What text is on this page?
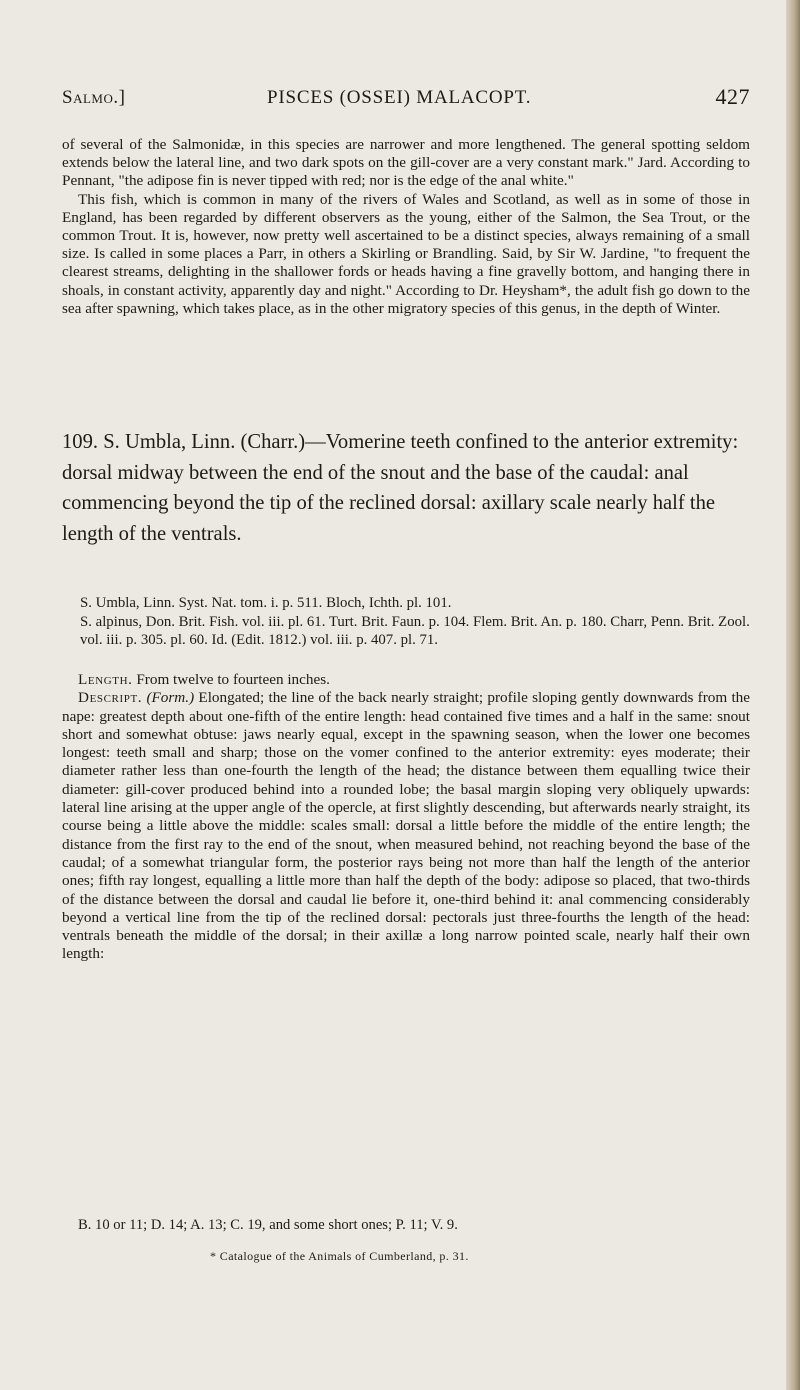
Salmo.]	PISCES (OSSEI) MALACOPT.	427

of several of the Salmonidæ, in this species are narrower and more lengthened. The general spotting seldom extends below the lateral line, and two dark spots on the gill-cover are a very constant mark." Jard. According to Pennant, "the adipose fin is never tipped with red; nor is the edge of the anal white."

This fish, which is common in many of the rivers of Wales and Scotland, as well as in some of those in England, has been regarded by different observers as the young, either of the Salmon, the Sea Trout, or the common Trout. It is, however, now pretty well ascertained to be a distinct species, always remaining of a small size. Is called in some places a Parr, in others a Skirling or Brandling. Said, by Sir W. Jardine, "to frequent the clearest streams, delighting in the shallower fords or heads having a fine gravelly bottom, and hanging there in shoals, in constant activity, apparently day and night." According to Dr. Heysham*, the adult fish go down to the sea after spawning, which takes place, as in the other migratory species of this genus, in the depth of Winter.

109. S. Umbla, Linn. (Charr.)—Vomerine teeth confined to the anterior extremity: dorsal midway between the end of the snout and the base of the caudal: anal commencing beyond the tip of the reclined dorsal: axillary scale nearly half the length of the ventrals.

S. Umbla, Linn. Syst. Nat. tom. i. p. 511. Bloch, Ichth. pl. 101.

S. alpinus, Don. Brit. Fish. vol. iii. pl. 61. Turt. Brit. Faun. p. 104. Flem. Brit. An. p. 180. Charr, Penn. Brit. Zool. vol. iii. p. 305. pl. 60. Id. (Edit. 1812.) vol. iii. p. 407. pl. 71.

Length. From twelve to fourteen inches.

Descript. (Form.) Elongated; the line of the back nearly straight; profile sloping gently downwards from the nape: greatest depth about one-fifth of the entire length: head contained five times and a half in the same: snout short and somewhat obtuse: jaws nearly equal, except in the spawning season, when the lower one becomes longest: teeth small and sharp; those on the vomer confined to the anterior extremity: eyes moderate; their diameter rather less than one-fourth the length of the head; the distance between them equalling twice their diameter: gill-cover produced behind into a rounded lobe; the basal margin sloping very obliquely upwards: lateral line arising at the upper angle of the opercle, at first slightly descending, but afterwards nearly straight, its course being a little above the middle: scales small: dorsal a little before the middle of the entire length; the distance from the first ray to the end of the snout, when measured behind, not reaching beyond the base of the caudal; of a somewhat triangular form, the posterior rays being not more than half the length of the anterior ones; fifth ray longest, equalling a little more than half the depth of the body: adipose so placed, that two-thirds of the distance between the dorsal and caudal lie before it, one-third behind it: anal commencing considerably beyond a vertical line from the tip of the reclined dorsal: pectorals just three-fourths the length of the head: ventrals beneath the middle of the dorsal; in their axillæ a long narrow pointed scale, nearly half their own length:

B. 10 or 11; D. 14; A. 13; C. 19, and some short ones; P. 11; V. 9.
* Catalogue of the Animals of Cumberland, p. 31.
